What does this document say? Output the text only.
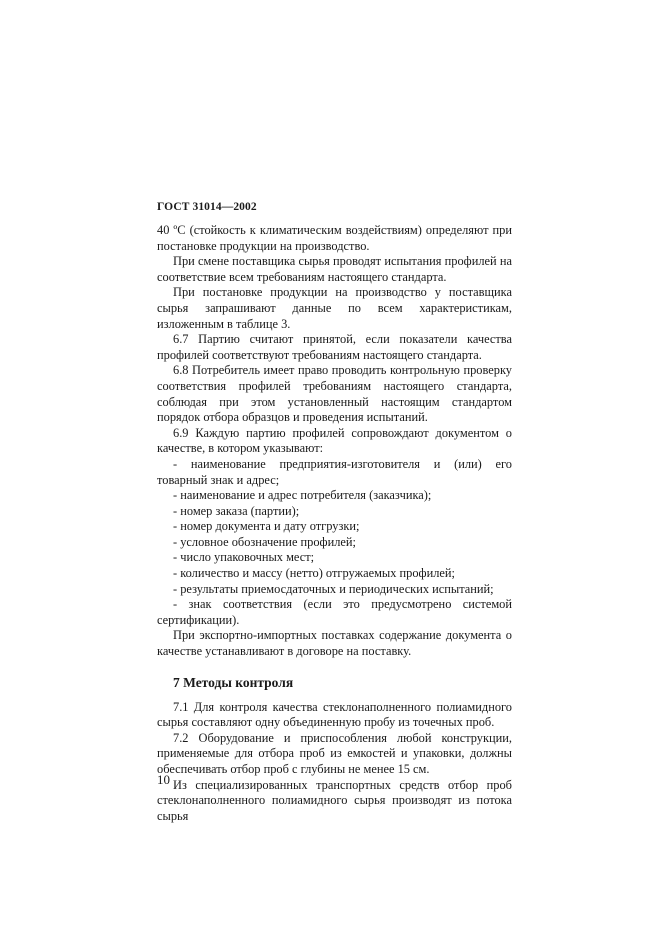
ГОСТ 31014—2002

40 ºС (стойкость к климатическим воздействиям) определяют при постановке продукции на производство.

При смене поставщика сырья проводят испытания профилей на соответствие всем требованиям настоящего стандарта.

При постановке продукции на производство у поставщика сырья запрашивают данные по всем характеристикам, изложенным в таблице 3.

6.7 Партию считают принятой, если показатели качества профилей соответствуют требованиям настоящего стандарта.

6.8 Потребитель имеет право проводить контрольную проверку соответствия профилей требованиям настоящего стандарта, соблюдая при этом установленный настоящим стандартом порядок отбора образцов и проведения испытаний.

6.9 Каждую партию профилей сопровождают документом о качестве, в котором указывают:

- наименование предприятия-изготовителя и (или) его товарный знак и адрес;

- наименование и адрес потребителя (заказчика);

- номер заказа (партии);

- номер документа и дату отгрузки;

- условное обозначение профилей;

- число упаковочных мест;

- количество и массу (нетто) отгружаемых профилей;

- результаты приемосдаточных и периодических испытаний;

- знак соответствия (если это предусмотрено системой сертификации).

При экспортно-импортных поставках содержание документа о качестве устанавливают в договоре на поставку.

7 Методы контроля

7.1 Для контроля качества стеклонаполненного полиамидного сырья составляют одну объединенную пробу из точечных проб.

7.2 Оборудование и приспособления любой конструкции, применяемые для отбора проб из емкостей и упаковки, должны обеспечивать отбор проб с глубины не менее 15 см.

Из специализированных транспортных средств отбор проб стеклонаполненного полиамидного сырья производят из потока сырья

10
